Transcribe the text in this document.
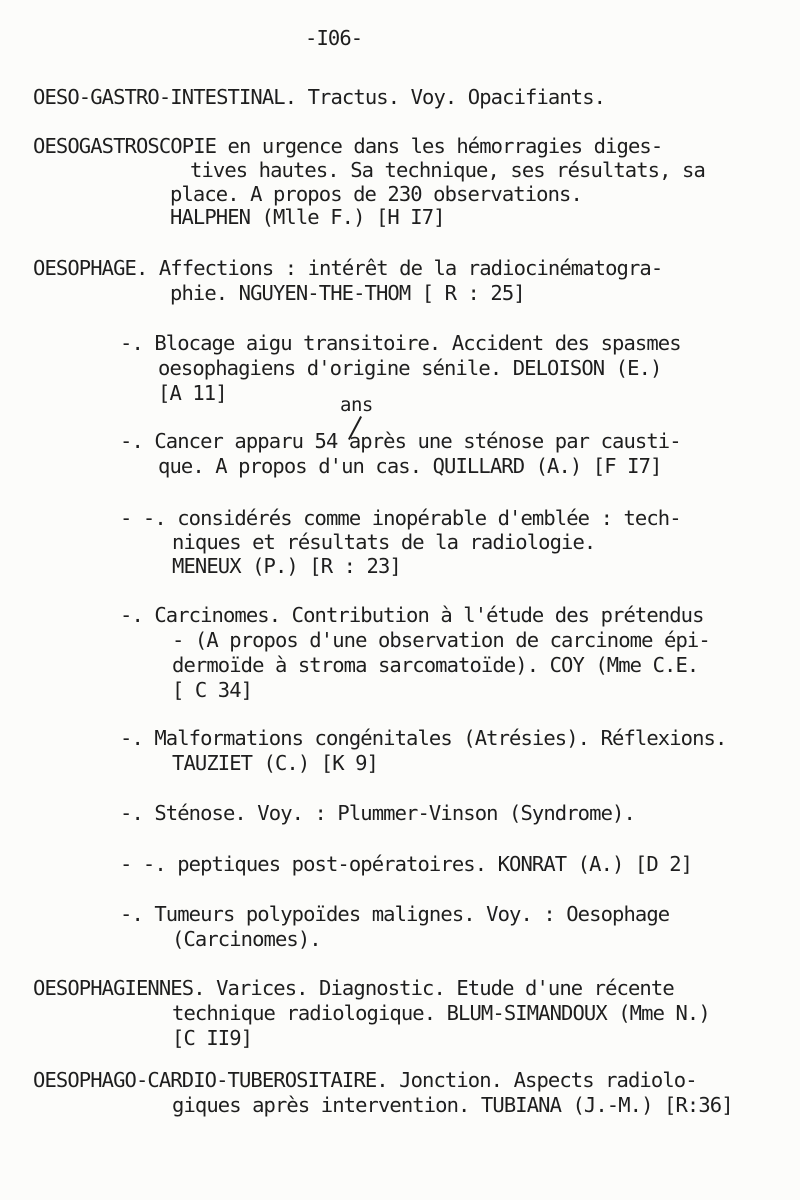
-I06-
OESO-GASTRO-INTESTINAL. Tractus. Voy. Opacifiants.
OESOGASTROSCOPIE en urgence dans les hémorragies diges-
tives hautes. Sa technique, ses résultats, sa
place. A propos de 230 observations.
HALPHEN (Mlle F.) [H I7]
OESOPHAGE. Affections : intérêt de la radiocinématogra-
phie. NGUYEN-THE-THOM [ R : 25]
-. Blocage aigu transitoire. Accident des spasmes
oesophagiens d'origine sénile. DELOISON (E.)
[A 11]	ans
-. Cancer apparu 54 après une sténose par causti-
que. A propos d'un cas. QUILLARD (A.) [F I7]
- -. considérés comme inopérable d'emblée : tech-
niques et résultats de la radiologie.
MENEUX (P.) [R : 23]
-. Carcinomes. Contribution à l'étude des prétendus
- (A propos d'une observation de carcinome épi-
dermoïde à stroma sarcomatoïde). COY (Mme C.E.
[ C 34]
-. Malformations congénitales (Atrésies). Réflexions.
TAUZIET (C.) [K 9]
-. Sténose. Voy. : Plummer-Vinson (Syndrome).
- -. peptiques post-opératoires. KONRAT (A.) [D 2]
-. Tumeurs polypoïdes malignes. Voy. : Oesophage
(Carcinomes).
OESOPHAGIENNES. Varices. Diagnostic. Etude d'une récente
technique radiologique. BLUM-SIMANDOUX (Mme N.)
[C II9]
OESOPHAGO-CARDIO-TUBEROSITAIRE. Jonction. Aspects radiolo-
giques après intervention. TUBIANA (J.-M.) [R:36]
